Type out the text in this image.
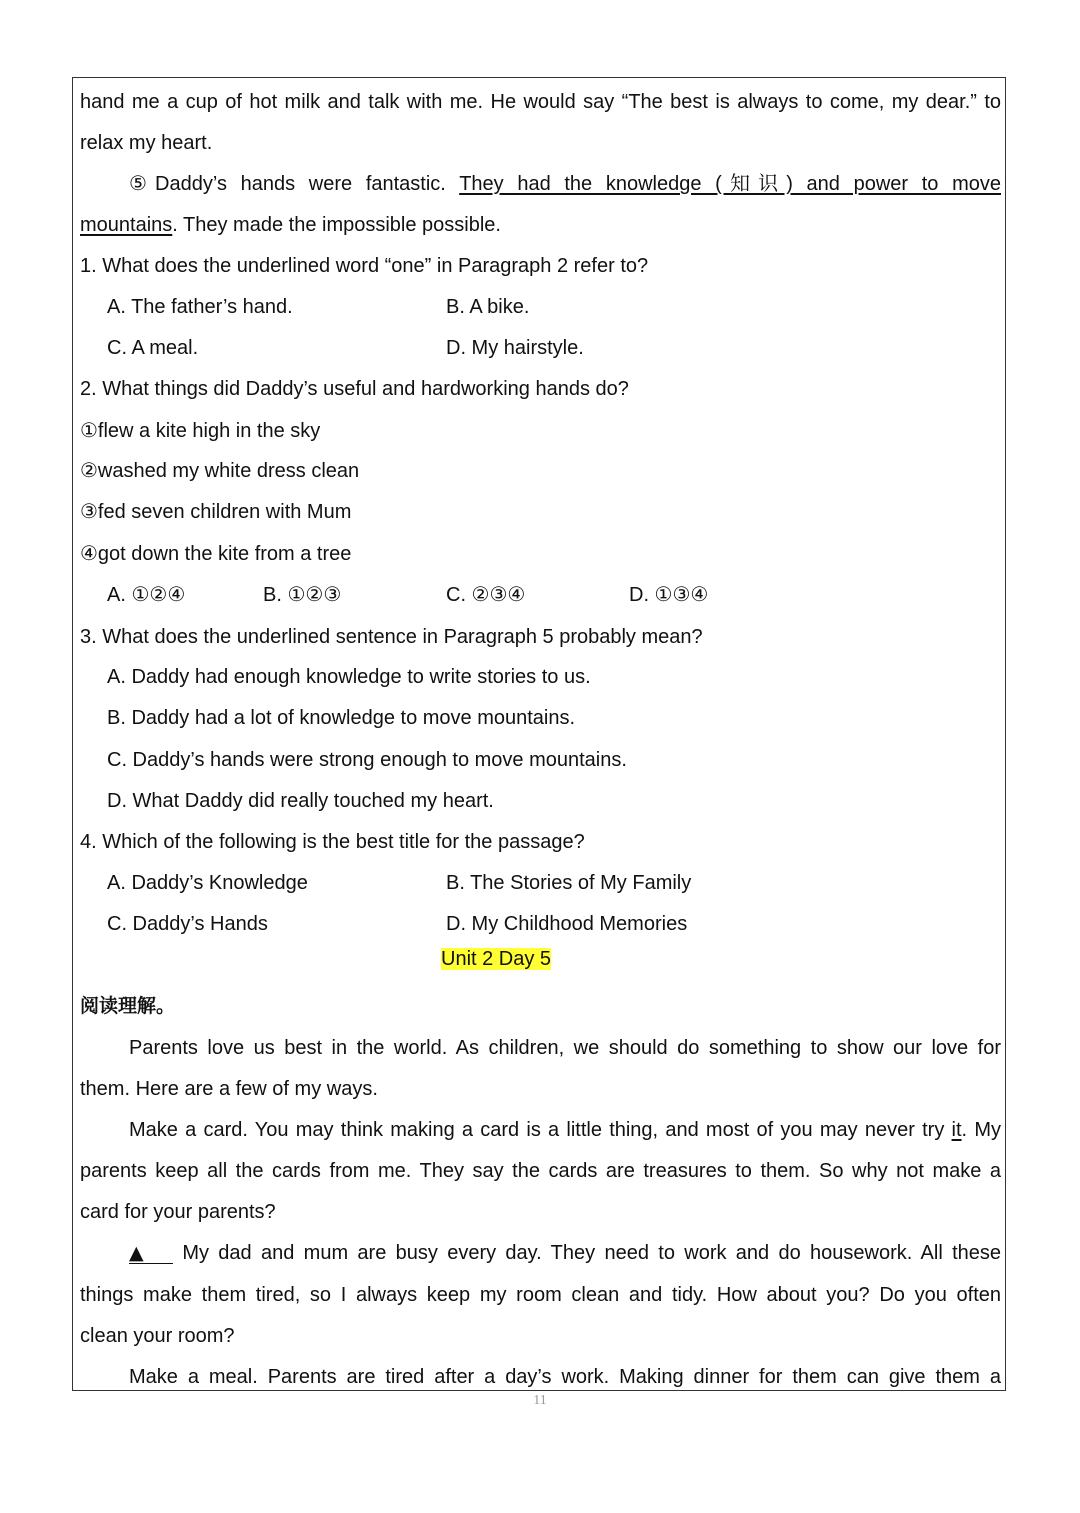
hand me a cup of hot milk and talk with me. He would say “The best is always to come, my dear.” to
relax my heart.
⑤Daddy’s hands were fantastic. They had the knowledge (知识) and power to move
mountains. They made the impossible possible.
1. What does the underlined word “one” in Paragraph 2 refer to?
A. The father’s hand.	B. A bike.
C. A meal.	D. My hairstyle.
2. What things did Daddy’s useful and hardworking hands do?
①flew a kite high in the sky
②washed my white dress clean
③fed seven children with Mum
④got down the kite from a tree
A. ①②④	B. ①②③	C. ②③④	D. ①③④
3. What does the underlined sentence in Paragraph 5 probably mean?
A. Daddy had enough knowledge to write stories to us.
B. Daddy had a lot of knowledge to move mountains.
C. Daddy’s hands were strong enough to move mountains.
D. What Daddy did really touched my heart.
4. Which of the following is the best title for the passage?
A. Daddy’s Knowledge	B. The Stories of My Family
C. Daddy’s Hands	D. My Childhood Memories
Unit 2 Day 5
阅读理解。
Parents love us best in the world. As children, we should do something to show our love for
them. Here are a few of my ways.
Make a card. You may think making a card is a little thing, and most of you may never try it. My
parents keep all the cards from me. They say the cards are treasures to them. So why not make a
card for your parents?
▲ My dad and mum are busy every day. They need to work and do housework. All these
things make them tired, so I always keep my room clean and tidy. How about you? Do you often
clean your room?
Make a meal. Parents are tired after a day’s work. Making dinner for them can give them a
11
